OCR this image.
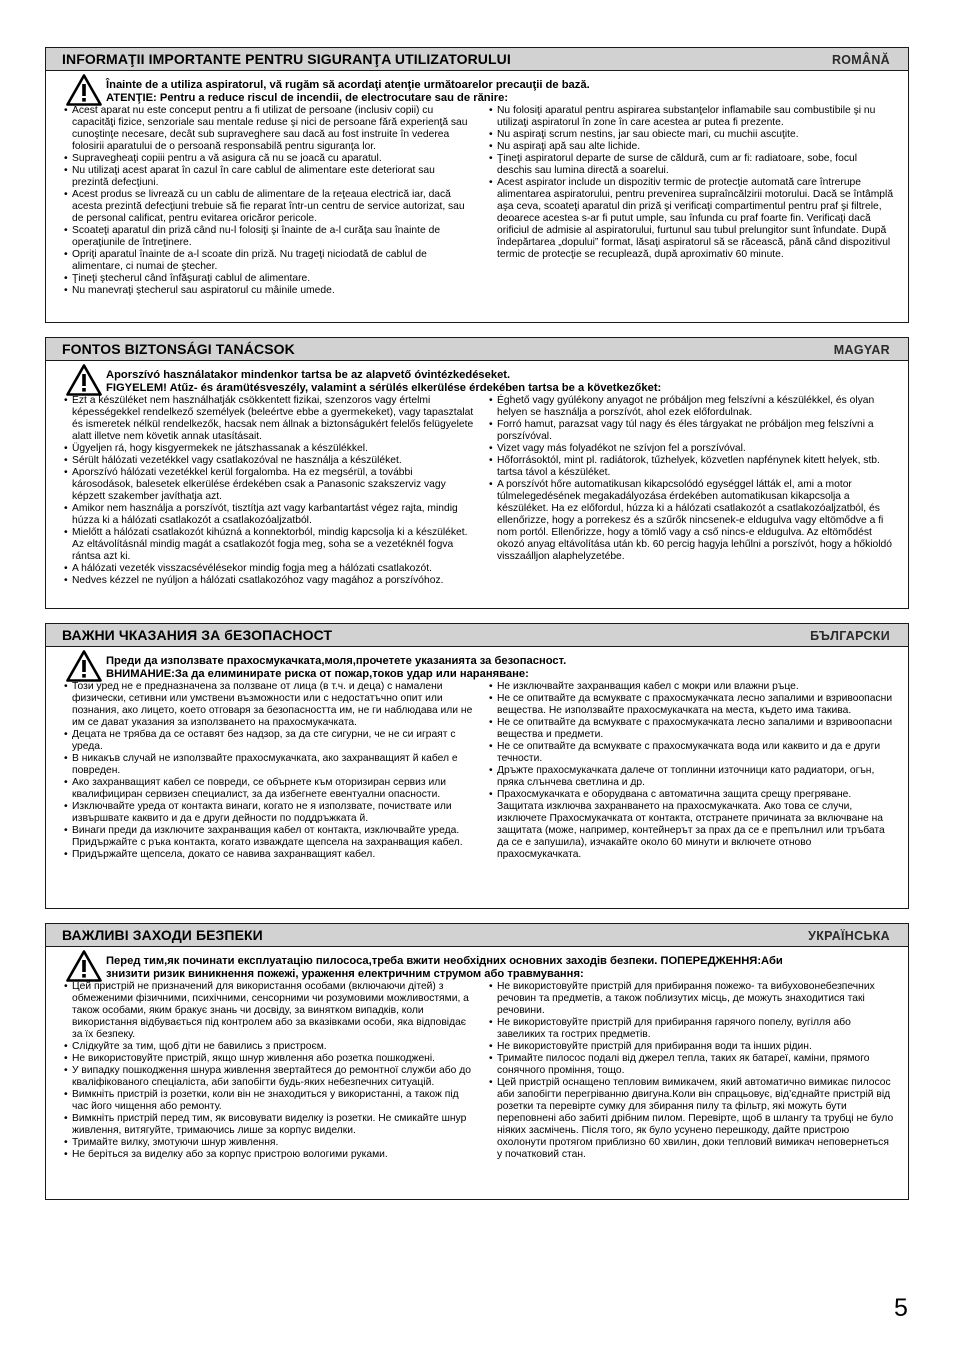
INFORMAŢII IMPORTANTE PENTRU SIGURANŢA UTILIZATORULUI	ROMÂNĂ
Înainte de a utiliza aspiratorul, vă rugăm să acordaţi atenţie următoarelor precauţii de bază.
ATENŢIE: Pentru a reduce riscul de incendii, de electrocutare sau de rănire:
• Acest aparat nu este conceput pentru a fi utilizat de persoane (inclusiv copii) cu capacităţi fizice, senzoriale sau mentale reduse şi nici de persoane fără experienţă sau cunoştinţe necesare, decât sub supraveghere sau dacă au fost instruite în vederea folosirii aparatului de o persoană responsabilă pentru siguranţa lor.
• Supravegheaţi copiii pentru a vă asigura că nu se joacă cu aparatul.
• Nu utilizaţi acest aparat în cazul în care cablul de alimentare este deteriorat sau prezintă defecţiuni.
• Acest produs se livrează cu un cablu de alimentare de la reţeaua electrică iar, dacă acesta prezintă defecţiuni trebuie să fie reparat într-un centru de service autorizat, sau de personal calificat, pentru evitarea oricăror pericole.
• Scoateţi aparatul din priză când nu-l folosiţi şi înainte de a-l curăţa sau înainte de operaţiunile de întreţinere.
• Opriţi aparatul înainte de a-l scoate din priză. Nu trageţi niciodată de cablul de alimentare, ci numai de ştecher.
• Ţineţi ştecherul când înfăşuraţi cablul de alimentare.
• Nu manevraţi ştecherul sau aspiratorul cu mâinile umede.
• Nu folosiţi aparatul pentru aspirarea substanţelor inflamabile sau combustibile şi nu utilizaţi aspiratorul în zone în care acestea ar putea fi prezente.
• Nu aspiraţi scrum nestins, jar sau obiecte mari, cu muchii ascuţite.
• Nu aspiraţi apă sau alte lichide.
• Ţineţi aspiratorul departe de surse de căldură, cum ar fi: radiatoare, sobe, focul deschis sau lumina directă a soarelui.
• Acest aspirator include un dispozitiv termic de protecţie automată care întrerupe alimentarea aspiratorului, pentru prevenirea supraîncălzirii motorului. Dacă se întâmplă aşa ceva, scoateţi aparatul din priză şi verificaţi compartimentul pentru praf şi filtrele, deoarece acestea s-ar fi putut umple, sau înfunda cu praf foarte fin. Verificaţi dacă orificiul de admisie al aspiratorului, furtunul sau tubul prelungitor sunt înfundate. După îndepărtarea „dopului” format, lăsaţi aspiratorul să se răcească, până când dispozitivul termic de protecţie se recuplează, după aproximativ 60 minute.
FONTOS BIZTONSÁGI TANÁCSOK	MAGYAR
Aporszívó használatakor mindenkor tartsa be az alapvető óvintézkedéseket.
FIGYELEM! Atűz- és áramütésveszély, valamint a sérülés elkerülése érdekében tartsa be a következőket:
• Ezt a készüléket nem használhatják csökkentett fizikai, szenzoros vagy értelmi képességekkel rendelkező személyek (beleértve ebbe a gyermekeket), vagy tapasztalat és ismeretek nélkül rendelkezők, hacsak nem állnak a biztonságukért felelős felügyelete alatt illetve nem követik annak utasításait.
• Ügyeljen rá, hogy kisgyermekek ne játszhassanak a készülékkel.
• Sérült hálózati vezetékkel vagy csatlakozóval ne használja a készüléket.
• Aporszívó hálózati vezetékkel kerül forgalomba. Ha ez megsérül, a további károsodások, balesetek elkerülése érdekében csak a Panasonic szakszerviz vagy képzett szakember javíthatja azt.
• Amikor nem használja a porszívót, tisztítja azt vagy karbantartást végez rajta, mindig húzza ki a hálózati csatlakozót a csatlakozóaljzatból.
• Mielőtt a hálózati csatlakozót kihúzná a konnektorból, mindig kapcsolja ki a készüléket. Az eltávolításnál mindig magát a csatlakozót fogja meg, soha se a vezetéknél fogva rántsa azt ki.
• A hálózati vezeték visszacsévélésekor mindig fogja meg a hálózati csatlakozót.
• Nedves kézzel ne nyúljon a hálózati csatlakozóhoz vagy magához a porszívóhoz.
• Éghető vagy gyúlékony anyagot ne próbáljon meg felszívni a készülékkel, és olyan helyen se használja a porszívót, ahol ezek előfordulnak.
• Forró hamut, parazsat vagy túl nagy és éles tárgyakat ne próbáljon meg felszívni a porszívóval.
• Vizet vagy más folyadékot ne szívjon fel a porszívóval.
• Hőforrásoktól, mint pl. radiátorok, tűzhelyek, közvetlen napfénynek kitett helyek, stb. tartsa távol a készüléket.
• A porszívót hőre automatikusan kikapcsolódó egységgel látták el, ami a motor túlmelegedésének megakadályozása érdekében automatikusan kikapcsolja a készüléket. Ha ez előfordul, húzza ki a hálózati csatlakozót a csatlakozóaljzatból, és ellenőrizze, hogy a porrekesz és a szűrők nincsenek-e eldugulva vagy eltömődve a fi nom portól. Ellenőrizze, hogy a tömlő vagy a cső nincs-e eldugulva. Az eltömődést okozó anyag eltávolítása után kb. 60 percig hagyja lehűlni a porszívót, hogy a hőkioldó visszaálljon alaphelyzetébe.
ВАЖНИ ЧКАЗАНИЯ ЗА бЕЗОПАСНОСТ	БЪЛГАРСКИ
Преди да използвате прахосмукачката,моля,прочетете указанията за безопасност.
ВНИМАНИЕ:За да елиминирате риска от пожар,токов удар или нараняване:
• Този уред не е предназначена за ползване от лица (в т.ч. и деца) с намалени физически, сетивни или умствени възможности или с недостатъчно опит или познания, ако лицето, което отговаря за безопасността им, не ги наблюдава или не им се дават указания за използването на прахосмукачката.
• Децата не трябва да се оставят без надзор, за да сте сигурни, че не си играят с уреда.
• В никакъв случай не използвайте прахосмукачката, ако захранващият й кабел е повреден.
• Ако захранващият кабел се повреди, се обърнете към оторизиран сервиз или квалифициран сервизен специалист, за да избегнете евентуални опасности.
• Изключвайте уреда от контакта винаги, когато не я използвате, почиствате или извършвате каквито и да е други дейности по поддръжката й.
• Винаги преди да изключите захранващия кабел от контакта, изключвайте уреда. Придържайте с ръка контакта, когато изваждате щепсела на захранващия кабел.
• Придържайте щепсела, докато се навива захранващият кабел.
• Не изключвайте захранващия кабел с мокри или влажни ръце.
• Не се опитвайте да всмуквате с прахосмукачката лесно запалими и взривоопасни вещества. Не използвайте прахосмукачката на места, където има такива.
• Не се опитвайте да всмуквате с прахосмукачката лесно запалими и взривоопасни вещества и предмети.
• Не се опитвайте да всмуквате с прахосмукачката вода или каквито и да е други течности.
• Дръжте прахосмукачката далече от топлинни източници като радиатори, огън, пряка слънчева светлина и др.
• Прахосмукачката е оборудвана с автоматична защита срещу прегряване. Защитата изключва захранването на прахосмукачката. Ако това се случи, изключете Прахосмукачката от контакта, отстранете причината за включване на защитата (може, например, контейнерът за прах да се е препълнил или тръбата да се е запушила), изчакайте около 60 минути и включете отново прахосмукачката.
ВАЖЛИВІ ЗАХОДИ БЕЗПЕКИ	УКРАЇНСЬКА
Перед тим,як починати експлуатацію пилососа,треба вжити необхідних основних заходів безпеки. ПОПЕРЕДЖЕННЯ:Аби
знизити ризик виникнення пожежі, ураження електричним струмом або травмування:
• Цей пристрій не призначений для використання особами (включаючи дітей) з обмеженими фізичними, психічними, сенсорними чи розумовими можливостями, а також особами, яким бракує знань чи досвіду, за винятком випадків, коли використання відбувається під контролем або за вказівками особи, яка відповідає за їх безпеку.
• Слідкуйте за тим, щоб діти не бавились з пристроєм.
• Не використовуйте пристрій, якщо шнур живлення або розетка пошкоджені.
• У випадку пошкодження шнура живлення звертайтеся до ремонтної служби або до кваліфікованого спеціаліста, аби запобігти будь-яких небезпечних ситуацій.
• Вимкніть пристрій із розетки, коли він не знаходиться у використанні, а також під час його чищення або ремонту.
• Вимкніть пристрій перед тим, як висовувати виделку із розетки. Не смикайте шнур живлення, витягуйте, тримаючись лише за корпус виделки.
• Тримайте вилку, змотуючи шнур живлення.
• Не беріться за виделку або за корпус пристрою вологими руками.
• Не використовуйте пристрій для прибирання пожежо- та вибуховонебезпечних речовин та предметів, а також поблизутих місць, де можуть знаходитися такі речовини.
• Не використовуйте пристрій для прибирання гарячого попелу, вугілля або завеликих та гострих предметів.
• Не використовуйте пристрій для прибирання води та інших рідин.
• Тримайте пилосос подалі від джерел тепла, таких як батареї, каміни, прямого сонячного проміння, тощо.
• Цей пристрій оснащено тепловим вимикачем, який автоматично вимикає пилосос аби запобігти перегріванню двигуна.Коли він спрацьовує, від’єднайте пристрій від розетки та перевірте сумку для збирання пилу та фільтр, які можуть бути переповнені або забиті дрібним пилом. Перевірте, щоб в шлангу та трубці не було ніяких засмічень. Після того, як було усунено перешкоду, дайте пристрою охолонути протягом приблизно 60 хвилин, доки тепловий вимикач неповернеться у початковий стан.
5
